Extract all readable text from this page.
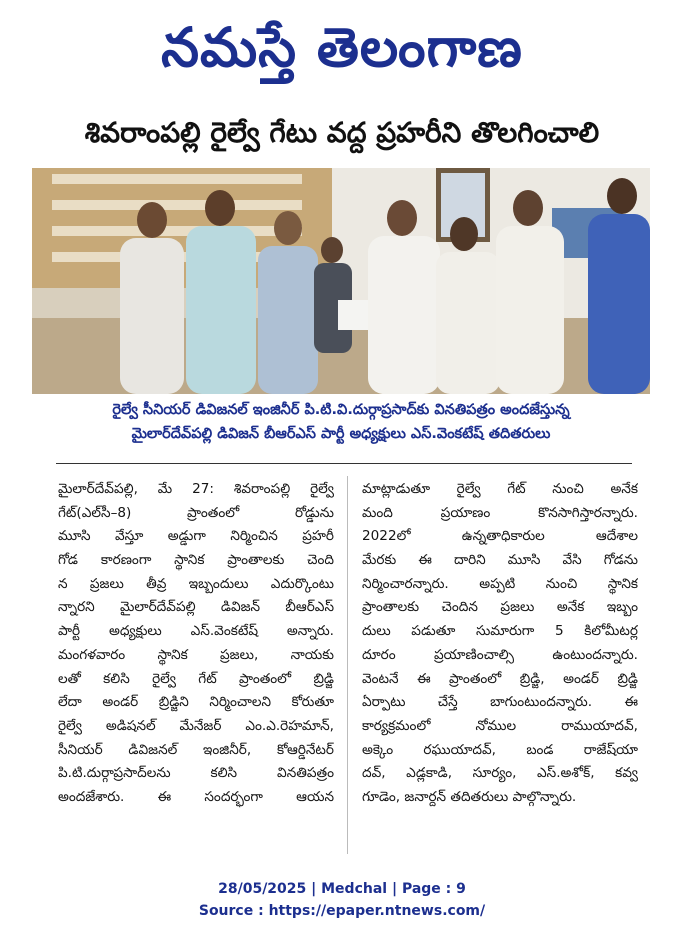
నమస్తే తెలంగాణ
శివరాంపల్లి రైల్వే గేటు వద్ద ప్రహరీని తొలగించాలి
రైల్వే సీనియర్ డివిజనల్ ఇంజినీర్ పి.టి.వి.దుర్గాప్రసాద్‌కు వినతిపత్రం అందజేస్తున్న
మైలార్‌దేవ్‌పల్లి డివిజన్ బీఆర్‌ఎస్ పార్టీ అధ్యక్షులు ఎస్.వెంకటేష్ తదితరులు
మైలార్‌దేవ్‌పల్లి, మే 27: శివరాంపల్లి రైల్వే
గేట్(ఎల్‌సీ–8) ప్రాంతంలో రోడ్డును
మూసి వేస్తూ అడ్డుగా నిర్మించిన ప్రహరీ
గోడ కారణంగా స్థానిక ప్రాంతాలకు చెంది
న ప్రజలు తీవ్ర ఇబ్బందులు ఎదుర్కొంటు
న్నారని మైలార్‌దేవ్‌పల్లి డివిజన్ బీఆర్‌ఎస్
పార్టీ అధ్యక్షులు ఎస్.వెంకటేష్ అన్నారు.
మంగళవారం స్థానిక ప్రజలు, నాయకు
లతో కలిసి రైల్వే గేట్ ప్రాంతంలో బ్రిడ్జి
లేదా అండర్ బ్రిడ్జిని నిర్మించాలని కోరుతూ
రైల్వే అడిషనల్ మేనేజర్ ఎం.ఎ.రెహమాన్,
సీనియర్ డివిజనల్ ఇంజినీర్, కోఆర్డినేటర్
పి.టి.దుర్గాప్రసాద్‌లను కలిసి వినతిపత్రం
అందజేశారు. ఈ సందర్భంగా ఆయన
మాట్లాడుతూ రైల్వే గేట్ నుంచి అనేక
మంది ప్రయాణం కొనసాగిస్తారన్నారు.
2022లో ఉన్నతాధికారుల ఆదేశాల
మేరకు ఈ దారిని మూసి వేసి గోడను
నిర్మించారన్నారు. అప్పటి నుంచి స్థానిక
ప్రాంతాలకు చెందిన ప్రజలు అనేక ఇబ్బం
దులు పడుతూ సుమారుగా 5 కిలోమీటర్ల
దూరం ప్రయాణించాల్సి ఉంటుందన్నారు.
వెంటనే ఈ ప్రాంతంలో బ్రిడ్జి, అండర్ బ్రిడ్జి
ఏర్పాటు చేస్తే బాగుంటుందన్నారు. ఈ
కార్యక్రమంలో నోముల రాముయాదవ్,
అక్కెం రఘుయాదవ్, బండ రాజేష్‌యా
దవ్, ఎడ్లకాడి, సూర్యం, ఎస్.అశోక్, కవ్వ
గూడెం, జనార్దన్ తదితరులు పాల్గొన్నారు.
28/05/2025 | Medchal | Page : 9
Source : https://epaper.ntnews.com/
